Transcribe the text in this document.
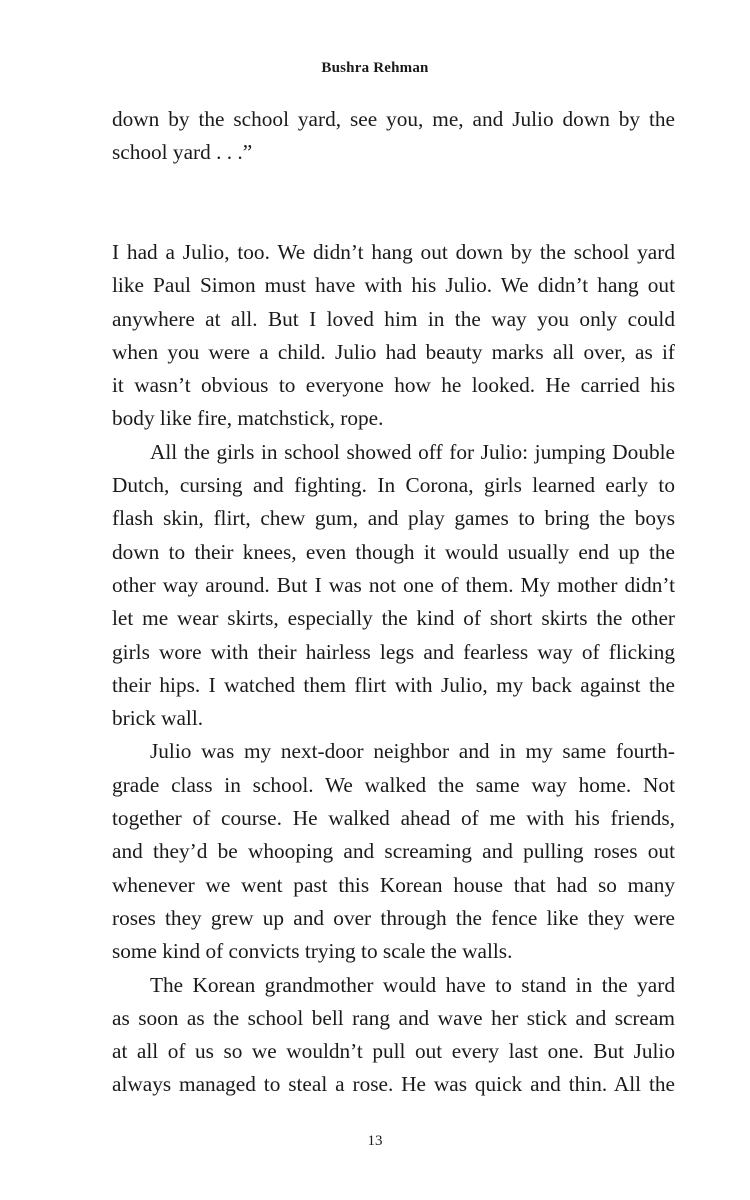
Bushra Rehman
down by the school yard, see you, me, and Julio down by the
school yard . . .”

I had a Julio, too. We didn’t hang out down by the school yard
like Paul Simon must have with his Julio. We didn’t hang out
anywhere at all. But I loved him in the way you only could
when you were a child. Julio had beauty marks all over, as if
it wasn’t obvious to everyone how he looked. He carried his
body like fire, matchstick, rope.

All the girls in school showed off for Julio: jumping Double
Dutch, cursing and fighting. In Corona, girls learned early to
flash skin, flirt, chew gum, and play games to bring the boys
down to their knees, even though it would usually end up the
other way around. But I was not one of them. My mother didn’t
let me wear skirts, especially the kind of short skirts the other
girls wore with their hairless legs and fearless way of flicking
their hips. I watched them flirt with Julio, my back against the
brick wall.

Julio was my next-door neighbor and in my same fourth-
grade class in school. We walked the same way home. Not
together of course. He walked ahead of me with his friends,
and they’d be whooping and screaming and pulling roses out
whenever we went past this Korean house that had so many
roses they grew up and over through the fence like they were
some kind of convicts trying to scale the walls.

The Korean grandmother would have to stand in the yard
as soon as the school bell rang and wave her stick and scream
at all of us so we wouldn’t pull out every last one. But Julio
always managed to steal a rose. He was quick and thin. All the

13
